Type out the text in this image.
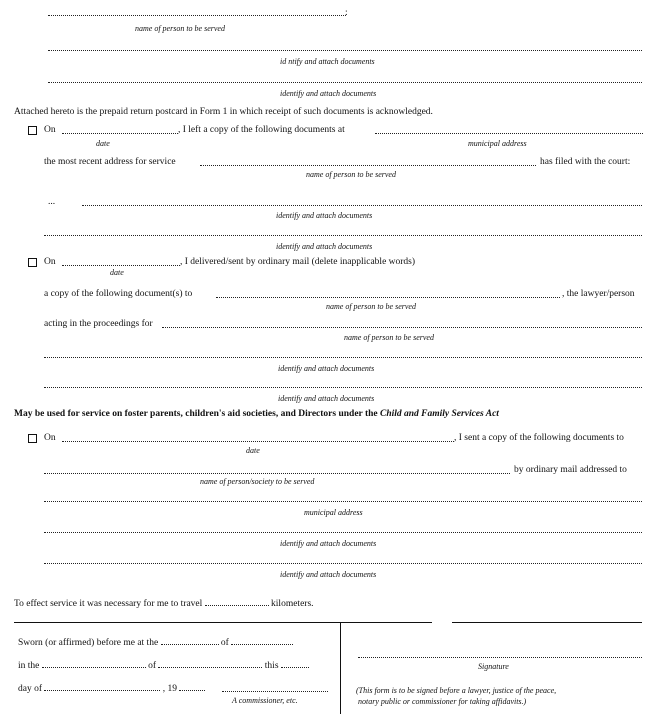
:
name of person to be served
id ntify and attach documents
identify and attach documents
Attached hereto is the prepaid return postcard in Form 1 in which receipt of such documents is acknowledged.
On	, I left a copy of the following documents at
date	municipal address
the most recent address for service	has filed with the court:
name of person to be served
...
identify and attach documents
identify and attach documents
On	, I delivered/sent by ordinary mail (delete inapplicable words)
date
a copy of the following document(s) to	, the lawyer/person
name of person to be served
acting in the proceedings for
name of person to be served
identify and attach documents
identify and attach documents
May be used for service on foster parents, children's aid societies, and Directors under the Child and Family Services Act
On	, I sent a copy of the following documents to
date
by ordinary mail addressed to
name of person/society to be served
municipal address
identify and attach documents
identify and attach documents
To effect service it was necessary for me to travel	kilometers.
Sworn (or affirmed) before me at the	of
in the	of	this
day of	, 19
A commissioner, etc.
Signature
(This form is to be signed before a lawyer, justice of the peace,
notary public or commissioner for taking affidavits.)
